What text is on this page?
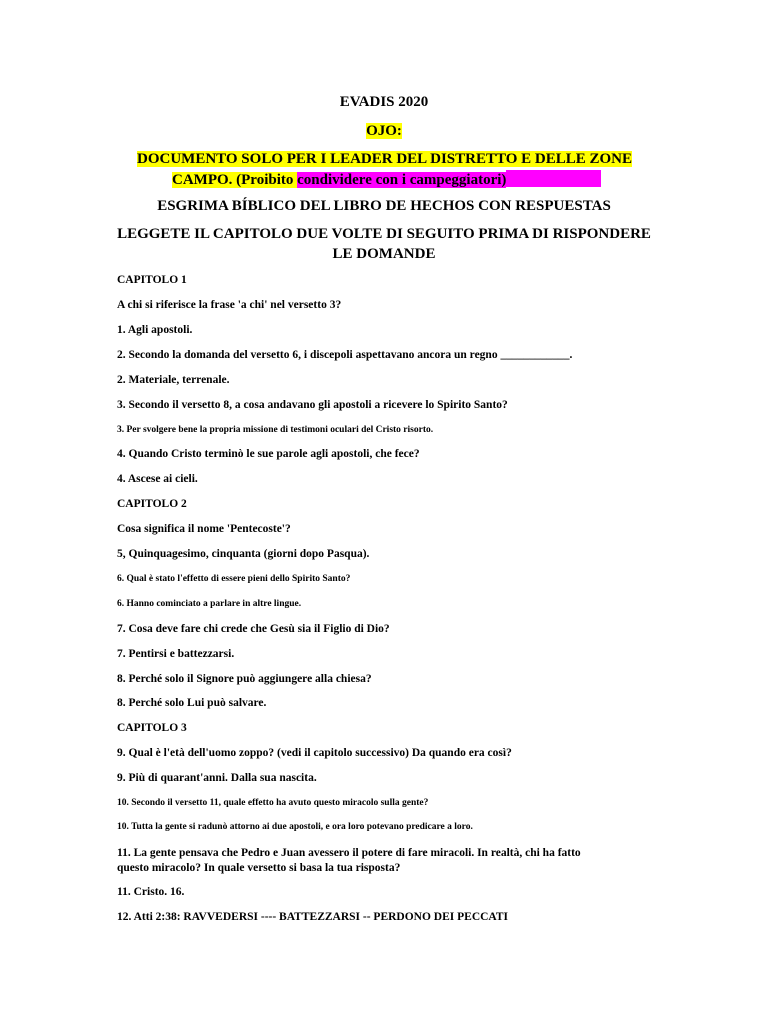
EVADIS 2020
OJO:
DOCUMENTO SOLO PER I LEADER DEL DISTRETTO E DELLE ZONE
CAMPO. (Proibito condividere con i campeggiatori)
ESGRIMA BÍBLICO DEL LIBRO DE HECHOS CON RESPUESTAS
LEGGETE IL CAPITOLO DUE VOLTE DI SEGUITO PRIMA DI RISPONDERE
LE DOMANDE
CAPITOLO 1
A chi si riferisce la frase 'a chi' nel versetto 3?
1. Agli apostoli.
2. Secondo la domanda del versetto 6, i discepoli aspettavano ancora un regno ____________.
2. Materiale, terrenale.
3. Secondo il versetto 8, a cosa andavano gli apostoli a ricevere lo Spirito Santo?
3. Per svolgere bene la propria missione di testimoni oculari del Cristo risorto.
4. Quando Cristo terminò le sue parole agli apostoli, che fece?
4. Ascese ai cieli.
CAPITOLO 2
Cosa significa il nome 'Pentecoste'?
5, Quinquagesimo, cinquanta (giorni dopo Pasqua).
6. Qual è stato l'effetto di essere pieni dello Spirito Santo?
6. Hanno cominciato a parlare in altre lingue.
7. Cosa deve fare chi crede che Gesù sia il Figlio di Dio?
7. Pentirsi e battezzarsi.
8. Perché solo il Signore può aggiungere alla chiesa?
8. Perché solo Lui può salvare.
CAPITOLO 3
9. Qual è l'età dell'uomo zoppo? (vedi il capitolo successivo) Da quando era così?
9. Più di quarant'anni. Dalla sua nascita.
10. Secondo il versetto 11, quale effetto ha avuto questo miracolo sulla gente?
10. Tutta la gente si radunò attorno ai due apostoli, e ora loro potevano predicare a loro.
11. La gente pensava che Pedro e Juan avessero il potere di fare miracoli. In realtà, chi ha fatto
questo miracolo? In quale versetto si basa la tua risposta?
11. Cristo. 16.
12. Atti 2:38: RAVVEDERSI ---- BATTEZZARSI -- PERDONO DEI PECCATI
